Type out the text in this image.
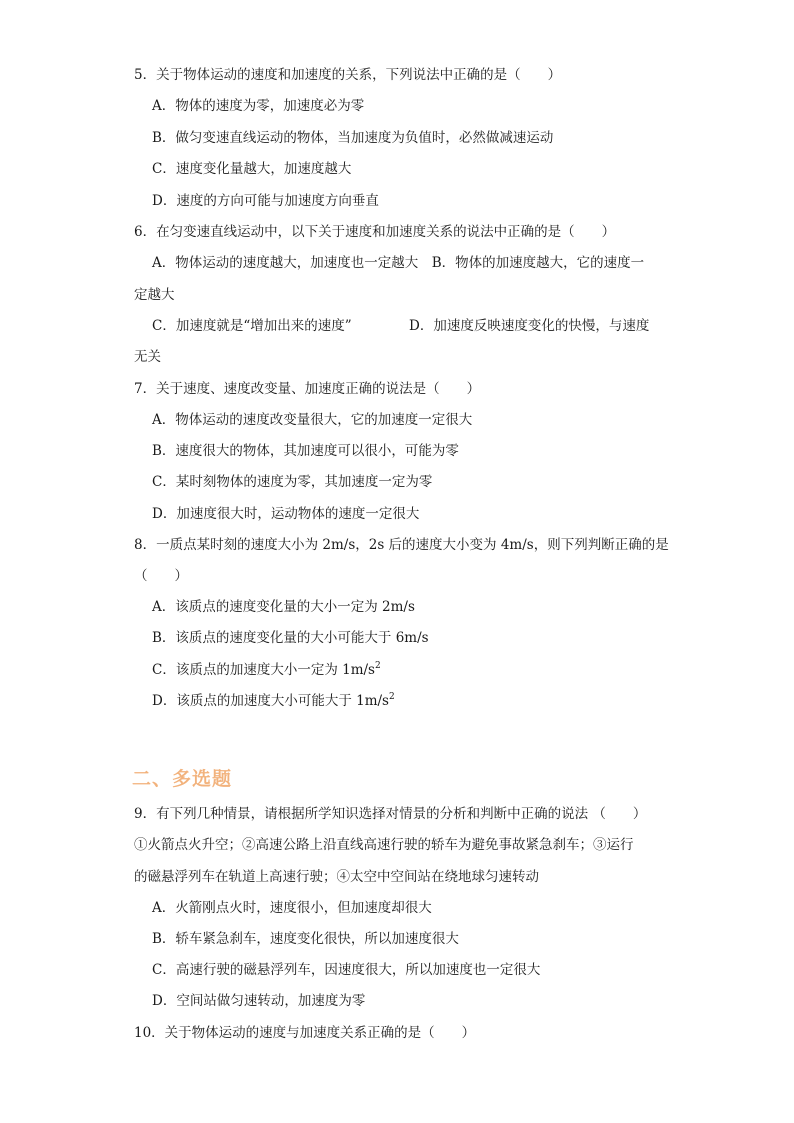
5．关于物体运动的速度和加速度的关系，下列说法中正确的是（　　）
A．物体的速度为零，加速度必为零
B．做匀变速直线运动的物体，当加速度为负值时，必然做减速运动
C．速度变化量越大，加速度越大
D．速度的方向可能与加速度方向垂直
6．在匀变速直线运动中，以下关于速度和加速度关系的说法中正确的是（　　）
A．物体运动的速度越大，加速度也一定越大　B．物体的加速度越大，它的速度一
定越大
C．加速度就是“增加出来的速度”	D．加速度反映速度变化的快慢，与速度
无关
7．关于速度、速度改变量、加速度正确的说法是（　　）
A．物体运动的速度改变量很大，它的加速度一定很大
B．速度很大的物体，其加速度可以很小，可能为零
C．某时刻物体的速度为零，其加速度一定为零
D．加速度很大时，运动物体的速度一定很大
8．一质点某时刻的速度大小为 2m/s，2s 后的速度大小变为 4m/s，则下列判断正确的是
（　　）
A．该质点的速度变化量的大小一定为 2m/s
B．该质点的速度变化量的大小可能大于 6m/s
C．该质点的加速度大小一定为 $1m/s^2$
D．该质点的加速度大小可能大于 $1m/s^2$
二、多选题
9．有下列几种情景，请根据所学知识选择对情景的分析和判断中正确的说法 （　　）
①火箭点火升空；②高速公路上沿直线高速行驶的轿车为避免事故紧急刹车；③运行
的磁悬浮列车在轨道上高速行驶；④太空中空间站在绕地球匀速转动
A．火箭刚点火时，速度很小，但加速度却很大
B．轿车紧急刹车，速度变化很快，所以加速度很大
C．高速行驶的磁悬浮列车，因速度很大，所以加速度也一定很大
D．空间站做匀速转动，加速度为零
10．关于物体运动的速度与加速度关系正确的是（　　）
